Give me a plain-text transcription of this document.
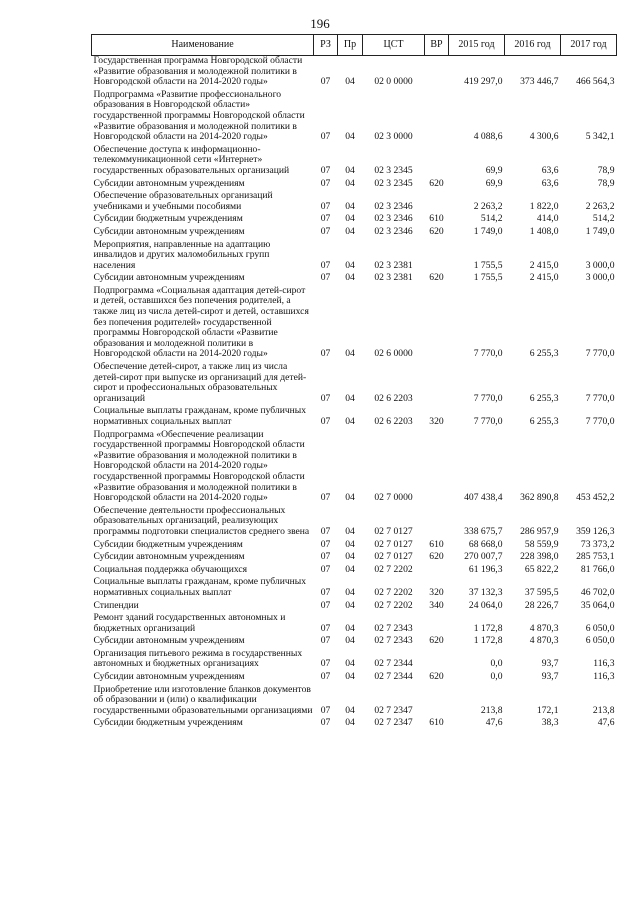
196
Наименование	РЗ	Пр	ЦСТ	ВР	2015 год	2016 год	2017 год
Государственная программа Новгородской области «Развитие образования и молодежной политики в Новгородской области на 2014-2020 годы»	07	04	02 0 0000		419 297,0	373 446,7	466 564,3
Подпрограмма «Развитие профессионального образования в Новгородской области» государственной программы Новгородской области «Развитие образования и молодежной политики в Новгородской области на 2014-2020 годы»	07	04	02 3 0000		4 088,6	4 300,6	5 342,1
Обеспечение доступа к информационно-телекоммуникационной сети «Интернет» государственных образовательных организаций	07	04	02 3 2345		69,9	63,6	78,9
Субсидии автономным учреждениям	07	04	02 3 2345	620	69,9	63,6	78,9
Обеспечение образовательных организаций учебниками и учебными пособиями	07	04	02 3 2346		2 263,2	1 822,0	2 263,2
Субсидии бюджетным учреждениям	07	04	02 3 2346	610	514,2	414,0	514,2
Субсидии автономным учреждениям	07	04	02 3 2346	620	1 749,0	1 408,0	1 749,0
Мероприятия, направленные на адаптацию инвалидов и других маломобильных групп населения	07	04	02 3 2381		1 755,5	2 415,0	3 000,0
Субсидии автономным учреждениям	07	04	02 3 2381	620	1 755,5	2 415,0	3 000,0
Подпрограмма «Социальная адаптация детей-сирот и детей, оставшихся без попечения родителей, а также лиц из числа детей-сирот и детей, оставшихся без попечения родителей» государственной программы Новгородской области «Развитие образования и молодежной политики в Новгородской области на 2014-2020 годы»	07	04	02 6 0000		7 770,0	6 255,3	7 770,0
Обеспечение детей-сирот, а также лиц из числа детей-сирот при выпуске из организаций для детей-сирот и профессиональных образовательных организаций	07	04	02 6 2203		7 770,0	6 255,3	7 770,0
Социальные выплаты гражданам, кроме публичных нормативных социальных выплат	07	04	02 6 2203	320	7 770,0	6 255,3	7 770,0
Подпрограмма «Обеспечение реализации государственной программы Новгородской области «Развитие образования и молодежной политики в Новгородской области на 2014-2020 годы» государственной программы Новгородской области «Развитие образования и молодежной политики в Новгородской области на 2014-2020 годы»	07	04	02 7 0000		407 438,4	362 890,8	453 452,2
Обеспечение деятельности профессиональных образовательных организаций, реализующих программы подготовки специалистов среднего звена	07	04	02 7 0127		338 675,7	286 957,9	359 126,3
Субсидии бюджетным учреждениям	07	04	02 7 0127	610	68 668,0	58 559,9	73 373,2
Субсидии автономным учреждениям	07	04	02 7 0127	620	270 007,7	228 398,0	285 753,1
Социальная поддержка обучающихся	07	04	02 7 2202		61 196,3	65 822,2	81 766,0
Социальные выплаты гражданам, кроме публичных нормативных социальных выплат	07	04	02 7 2202	320	37 132,3	37 595,5	46 702,0
Стипендии	07	04	02 7 2202	340	24 064,0	28 226,7	35 064,0
Ремонт зданий государственных автономных и бюджетных организаций	07	04	02 7 2343		1 172,8	4 870,3	6 050,0
Субсидии автономным учреждениям	07	04	02 7 2343	620	1 172,8	4 870,3	6 050,0
Организация питьевого режима в государственных автономных и бюджетных организациях	07	04	02 7 2344		0,0	93,7	116,3
Субсидии автономным учреждениям	07	04	02 7 2344	620	0,0	93,7	116,3
Приобретение или изготовление бланков документов об образовании и (или) о квалификации государственными образовательными организациями	07	04	02 7 2347		213,8	172,1	213,8
Субсидии бюджетным учреждениям	07	04	02 7 2347	610	47,6	38,3	47,6
